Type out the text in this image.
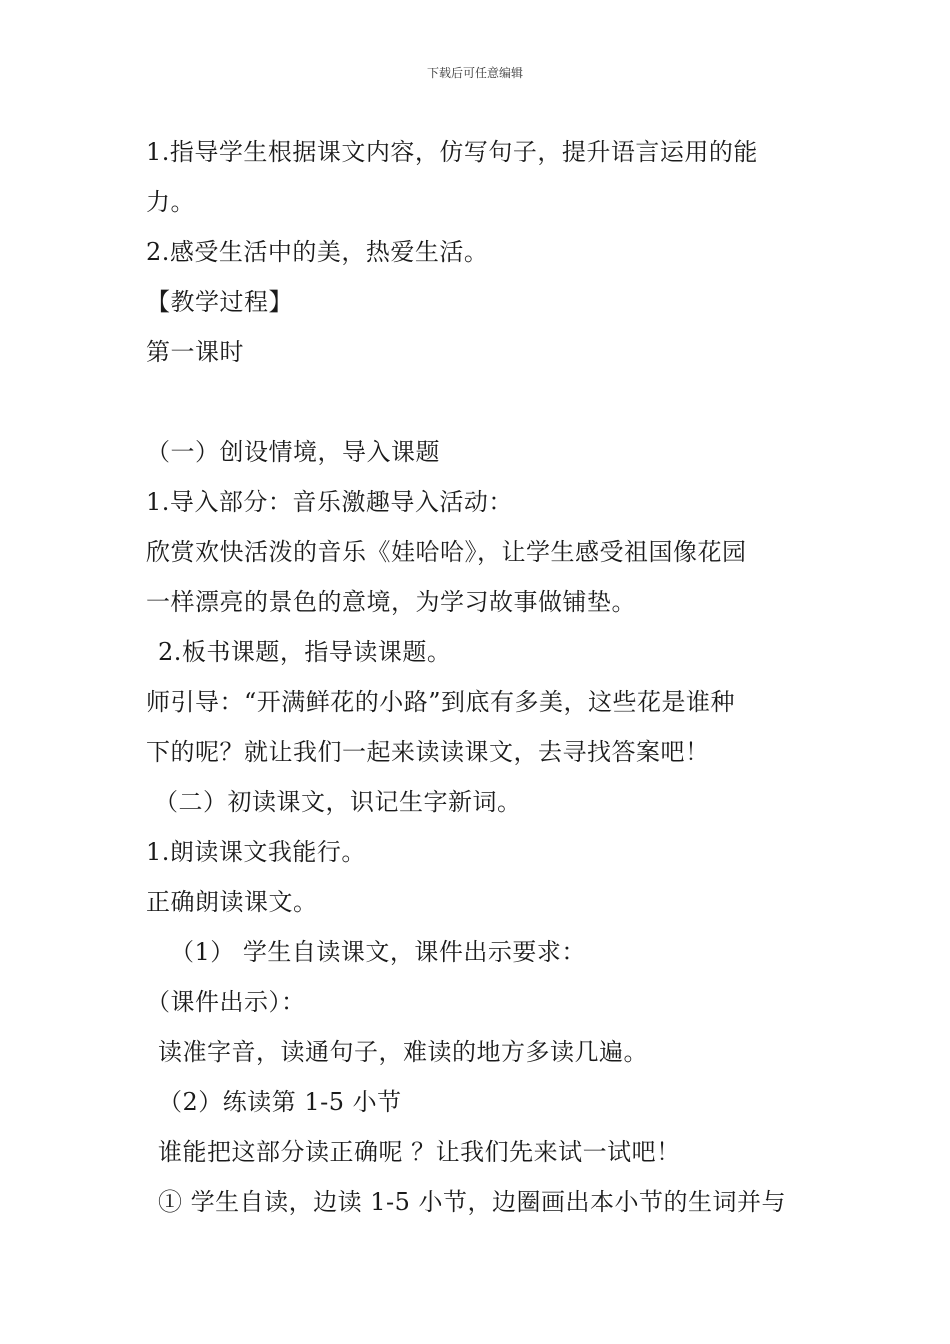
下载后可任意编辑
1.指导学生根据课文内容，仿写句子，提升语言运用的能
力。
2.感受生活中的美，热爱生活。
【教学过程】
第一课时
（一）创设情境，导入课题
1.导入部分：音乐激趣导入活动：
欣赏欢快活泼的音乐《娃哈哈》，让学生感受祖国像花园
一样漂亮的景色的意境，为学习故事做铺垫。
2.板书课题，指导读课题。
师引导：“开满鲜花的小路”到底有多美，这些花是谁种
下的呢？就让我们一起来读读课文，去寻找答案吧！
（二）初读课文，识记生字新词。
1.朗读课文我能行。
正确朗读课文。
（1） 学生自读课文，课件出示要求：
（课件出示）：
读准字音，读通句子，难读的地方多读几遍。
（2）练读第 1-5 小节
谁能把这部分读正确呢 ？让我们先来试一试吧！
① 学生自读，边读 1-5 小节，边圈画出本小节的生词并与
